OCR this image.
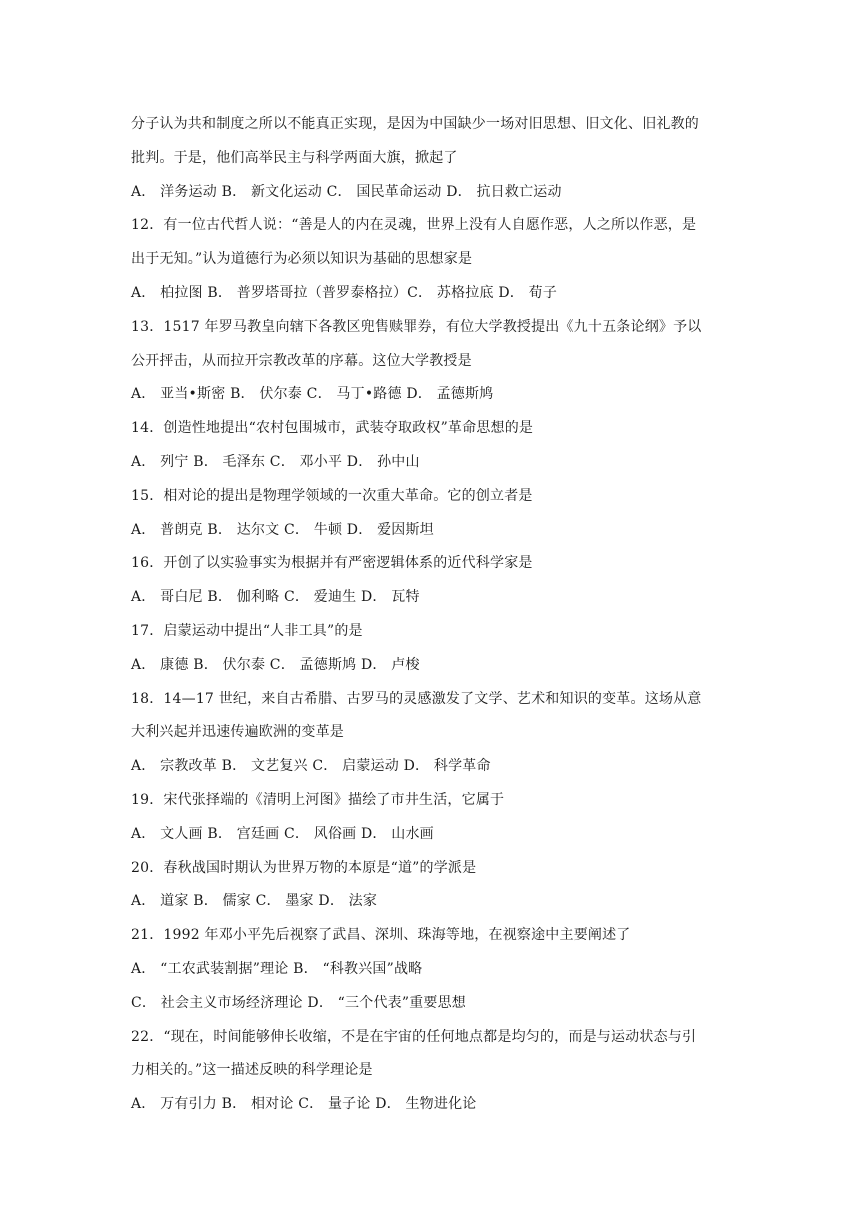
分子认为共和制度之所以不能真正实现，是因为中国缺少一场对旧思想、旧文化、旧礼教的
批判。于是，他们高举民主与科学两面大旗，掀起了
A． 洋务运动 B． 新文化运动 C． 国民革命运动 D． 抗日救亡运动
12．有一位古代哲人说：“善是人的内在灵魂，世界上没有人自愿作恶，人之所以作恶，是
出于无知。”认为道德行为必须以知识为基础的思想家是
A． 柏拉图 B． 普罗塔哥拉（普罗泰格拉）C． 苏格拉底 D． 荀子
13．1517 年罗马教皇向辖下各教区兜售赎罪券，有位大学教授提出《九十五条论纲》予以
公开抨击，从而拉开宗教改革的序幕。这位大学教授是
A． 亚当•斯密 B． 伏尔泰 C． 马丁•路德 D． 孟德斯鸠
14．创造性地提出“农村包围城市，武装夺取政权”革命思想的是
A． 列宁 B． 毛泽东 C． 邓小平 D． 孙中山
15．相对论的提出是物理学领域的一次重大革命。它的创立者是
A． 普朗克 B． 达尔文 C． 牛顿 D． 爱因斯坦
16．开创了以实验事实为根据并有严密逻辑体系的近代科学家是
A． 哥白尼 B． 伽利略 C． 爱迪生 D． 瓦特
17．启蒙运动中提出“人非工具”的是
A． 康德 B． 伏尔泰 C． 孟德斯鸠 D． 卢梭
18．14—17 世纪，来自古希腊、古罗马的灵感激发了文学、艺术和知识的变革。这场从意
大利兴起并迅速传遍欧洲的变革是
A． 宗教改革 B． 文艺复兴 C． 启蒙运动 D． 科学革命
19．宋代张择端的《清明上河图》描绘了市井生活，它属于
A． 文人画 B． 宫廷画 C． 风俗画 D． 山水画
20．春秋战国时期认为世界万物的本原是“道”的学派是
A． 道家 B． 儒家 C． 墨家 D． 法家
21．1992 年邓小平先后视察了武昌、深圳、珠海等地，在视察途中主要阐述了
A． “工农武装割据”理论 B． “科教兴国”战略
C． 社会主义市场经济理论 D． “三个代表”重要思想
22．“现在，时间能够伸长收缩，不是在宇宙的任何地点都是均匀的，而是与运动状态与引
力相关的。”这一描述反映的科学理论是
A． 万有引力 B． 相对论 C． 量子论 D． 生物进化论
